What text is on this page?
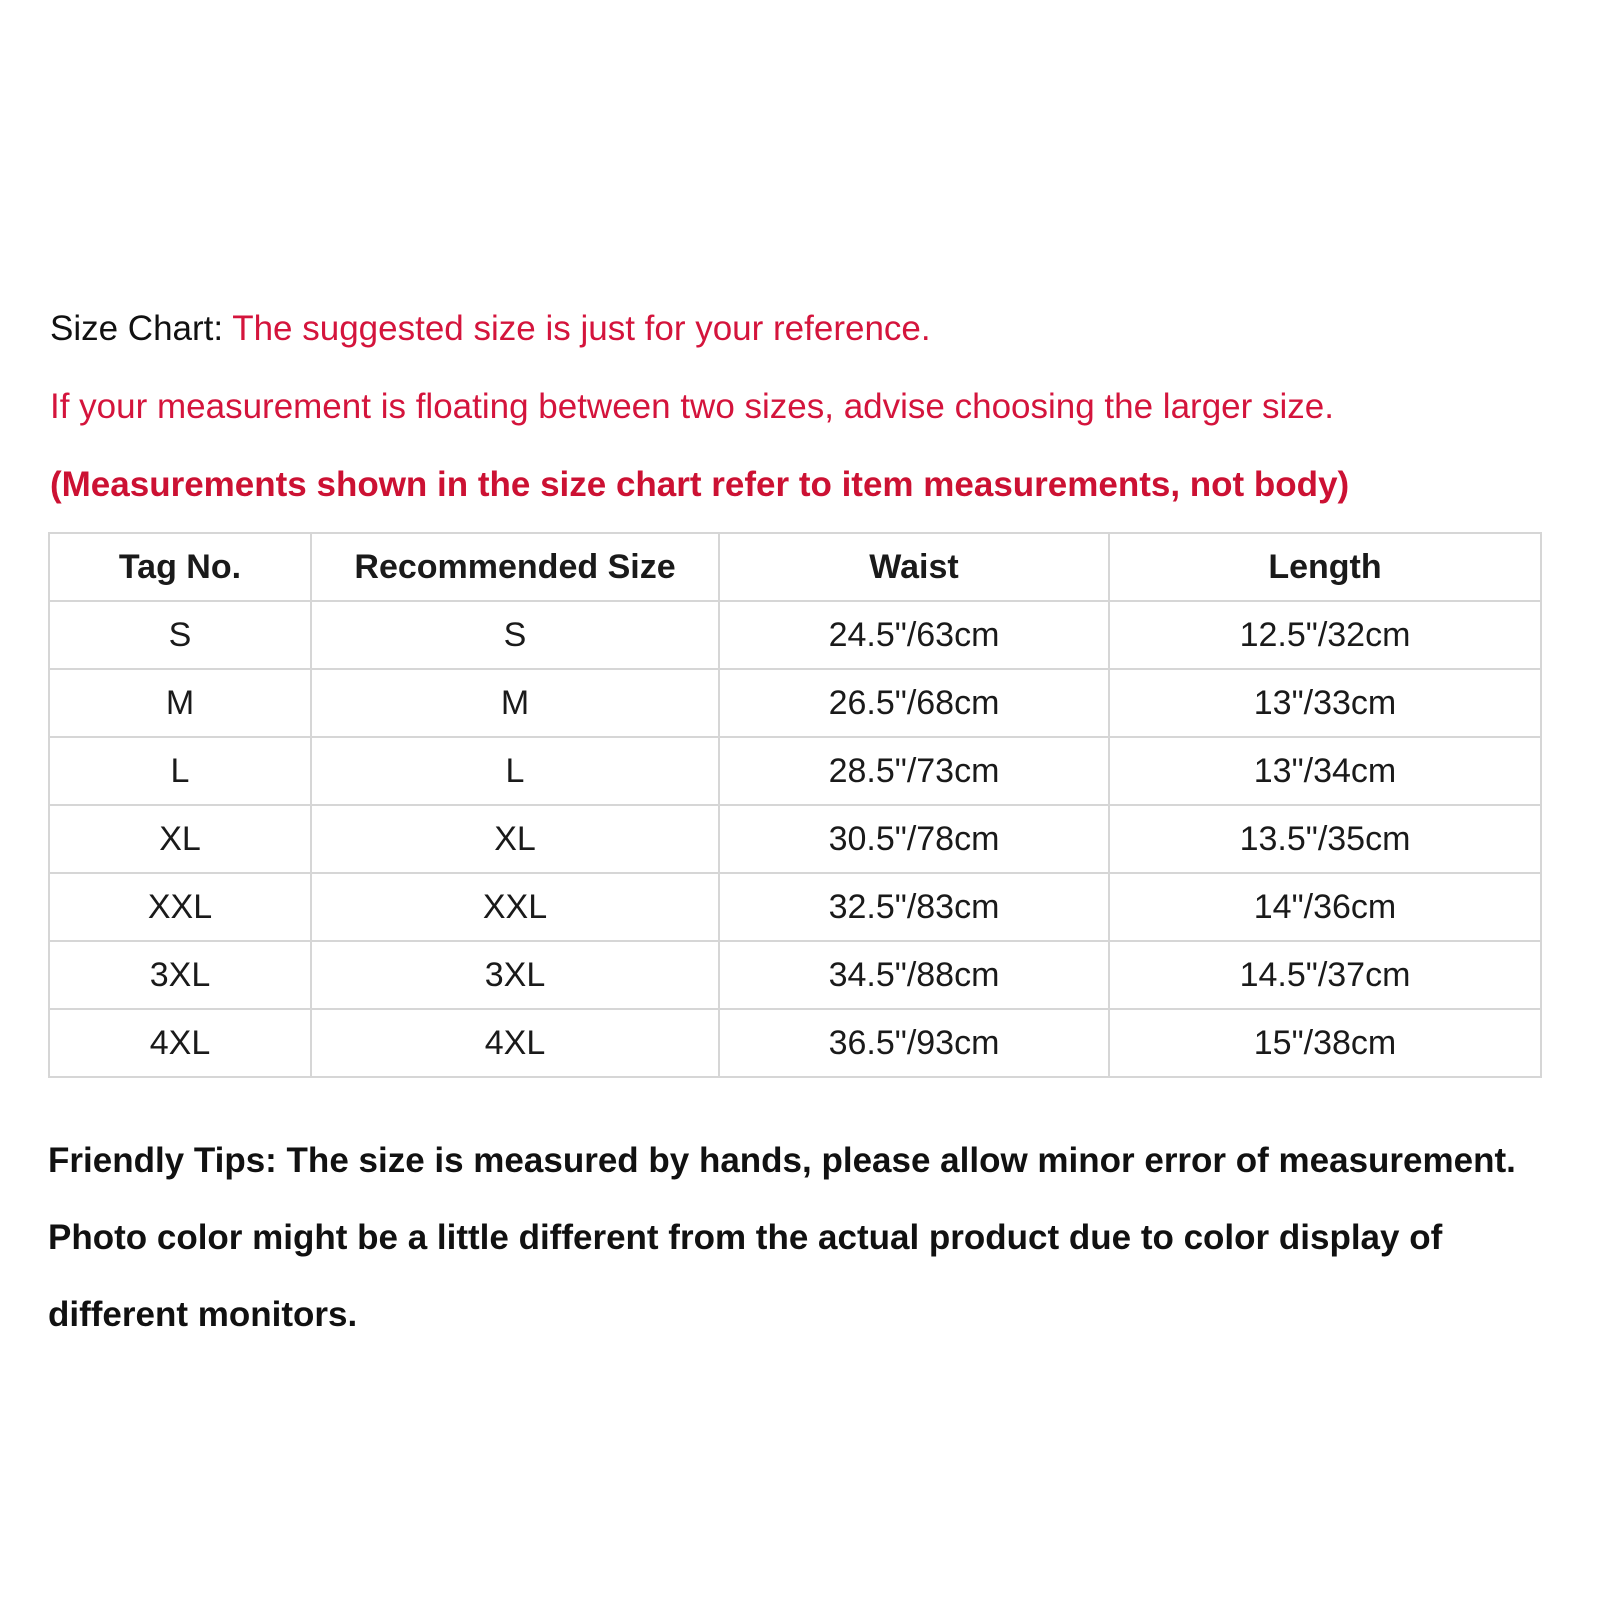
Size Chart: The suggested size is just for your reference.
If your measurement is floating between two sizes, advise choosing the larger size.
(Measurements shown in the size chart refer to item measurements, not body)
Tag No.	Recommended Size	Waist	Length
S	S	24.5"/63cm	12.5"/32cm
M	M	26.5"/68cm	13"/33cm
L	L	28.5"/73cm	13"/34cm
XL	XL	30.5"/78cm	13.5"/35cm
XXL	XXL	32.5"/83cm	14"/36cm
3XL	3XL	34.5"/88cm	14.5"/37cm
4XL	4XL	36.5"/93cm	15"/38cm
Friendly Tips: The size is measured by hands, please allow minor error of measurement.
Photo color might be a little different from the actual product due to color display of
different monitors.
